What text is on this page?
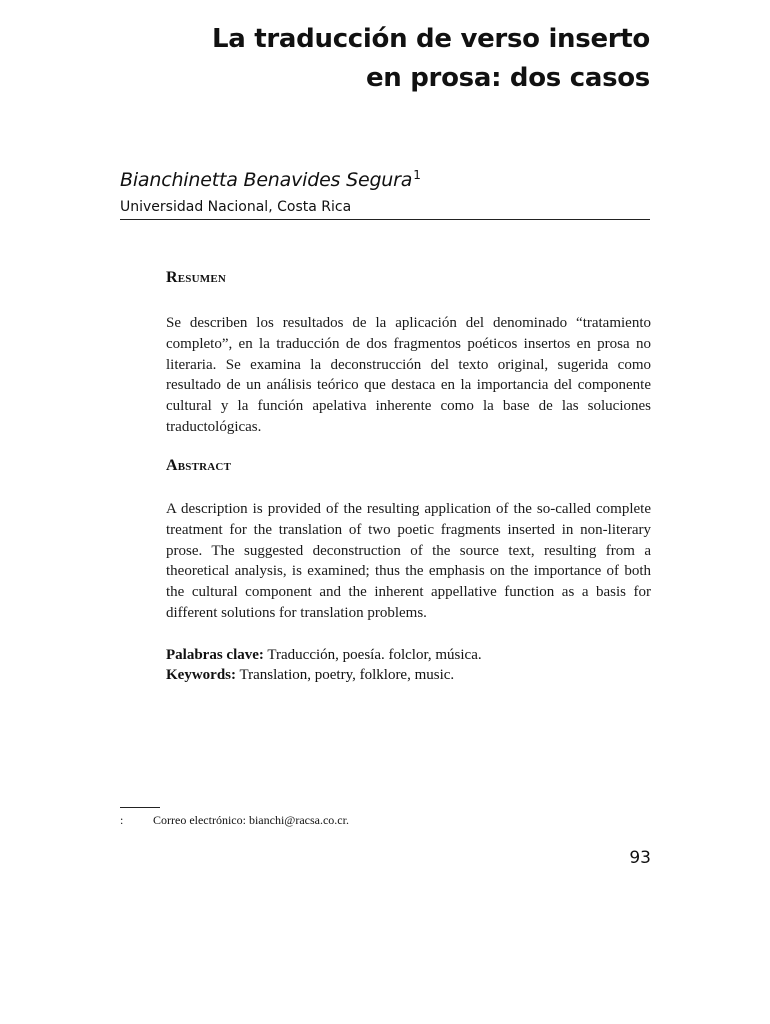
La traducción de verso inserto
en prosa: dos casos
Bianchinetta Benavides Segura$^1$
Universidad Nacional, Costa Rica
Resumen
Se describen los resultados de la aplicación del denominado “tratamiento completo”, en la traducción de dos fragmentos poéticos insertos en prosa no literaria. Se examina la deconstrucción del texto original, sugerida como resultado de un análisis teórico que destaca en la importancia del componente cultural y la función apelativa inherente como la base de las soluciones traductológicas.
Abstract
A description is provided of the resulting application of the so-called complete treatment for the translation of two poetic fragments inserted in non-literary prose. The suggested deconstruction of the source text, resulting from a theoretical analysis, is examined; thus the emphasis on the importance of both the cultural component and the inherent appellative function as a basis for different solutions for translation problems.
Palabras clave: Traducción, poesía. folclor, música.
Keywords: Translation, poetry, folklore, music.
: Correo electrónico: bianchi@racsa.co.cr.
93
